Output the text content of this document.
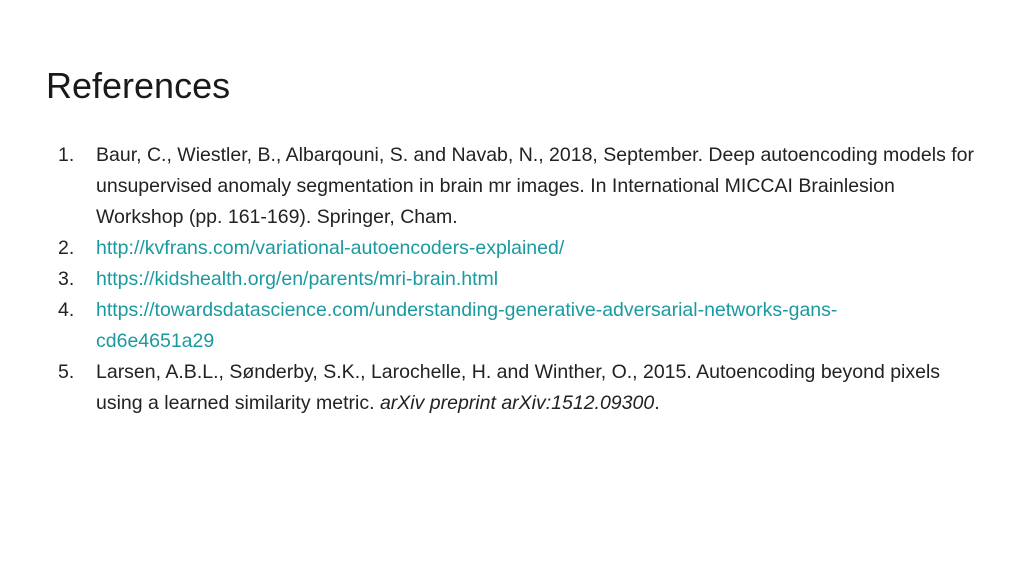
References
1. Baur, C., Wiestler, B., Albarqouni, S. and Navab, N., 2018, September. Deep autoencoding models for unsupervised anomaly segmentation in brain mr images. In International MICCAI Brainlesion Workshop (pp. 161-169). Springer, Cham.
2. http://kvfrans.com/variational-autoencoders-explained/
3. https://kidshealth.org/en/parents/mri-brain.html
4. https://towardsdatascience.com/understanding-generative-adversarial-networks-gans-
cd6e4651a29
5. Larsen, A.B.L., Sønderby, S.K., Larochelle, H. and Winther, O., 2015. Autoencoding beyond pixels using a learned similarity metric. arXiv preprint arXiv:1512.09300.
